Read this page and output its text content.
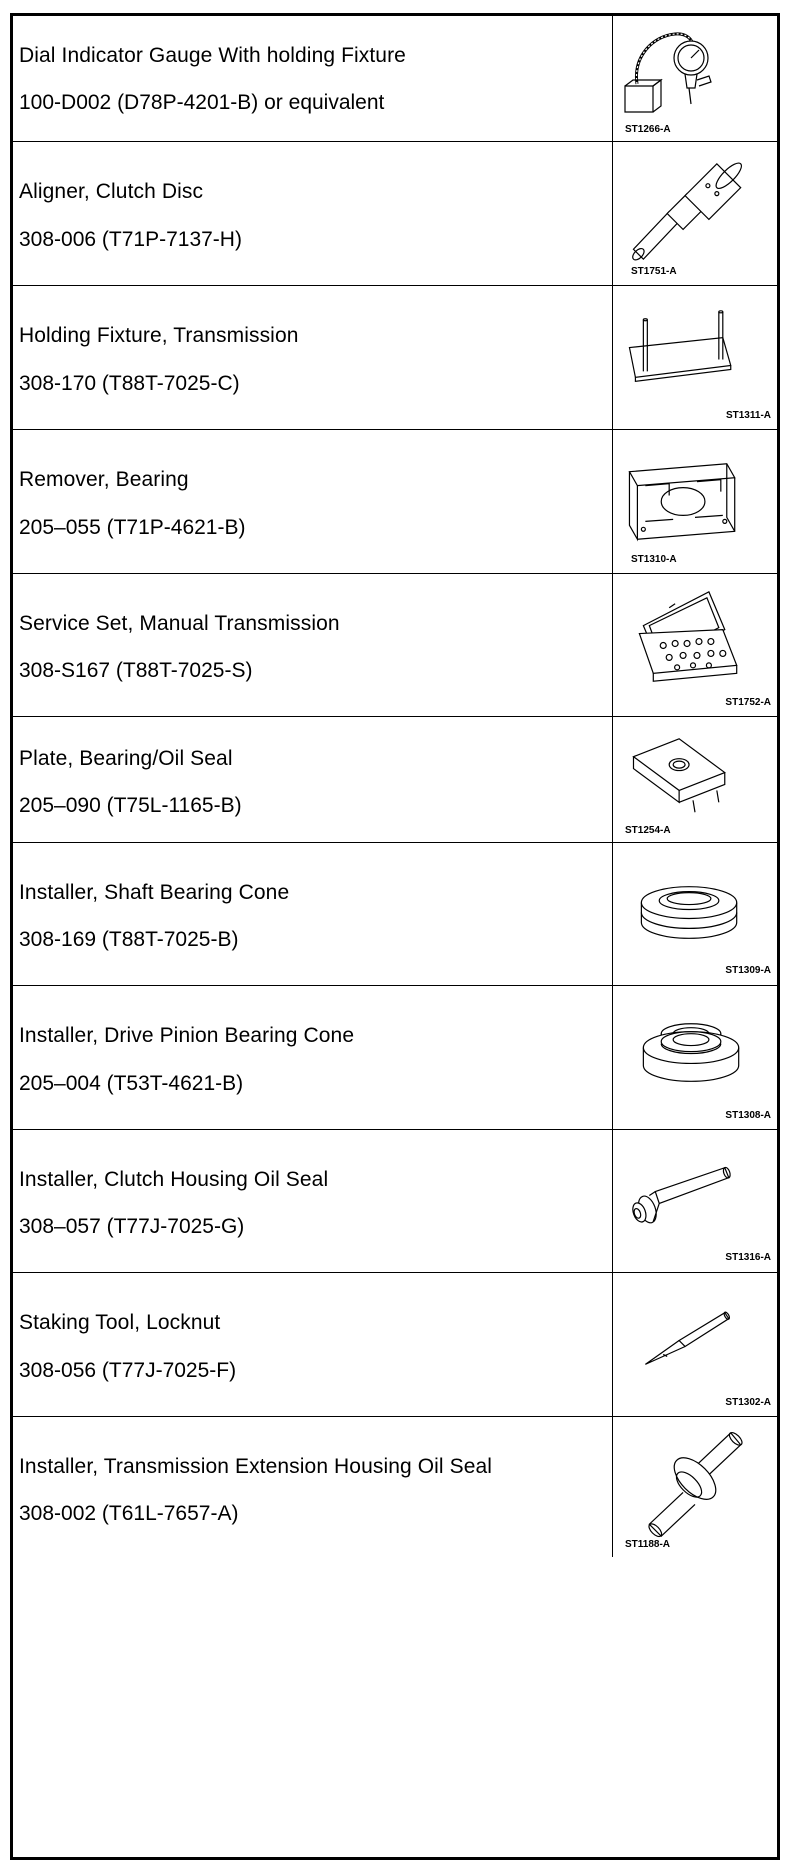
Dial Indicator Gauge With holding Fixture
100-D002 (D78P-4201-B) or equivalent
ST1266-A
Aligner, Clutch Disc
308-006 (T71P-7137-H)
ST1751-A
Holding Fixture, Transmission
308-170 (T88T-7025-C)
ST1311-A
Remover, Bearing
205–055 (T71P-4621-B)
ST1310-A
Service Set, Manual Transmission
308-S167 (T88T-7025-S)
ST1752-A
Plate, Bearing/Oil Seal
205–090 (T75L-1165-B)
ST1254-A
Installer, Shaft Bearing Cone
308-169 (T88T-7025-B)
ST1309-A
Installer, Drive Pinion Bearing Cone
205–004 (T53T-4621-B)
ST1308-A
Installer, Clutch Housing Oil Seal
308–057 (T77J-7025-G)
ST1316-A
Staking Tool, Locknut
308-056 (T77J-7025-F)
ST1302-A
Installer, Transmission Extension Housing Oil Seal
308-002 (T61L-7657-A)
ST1188-A
